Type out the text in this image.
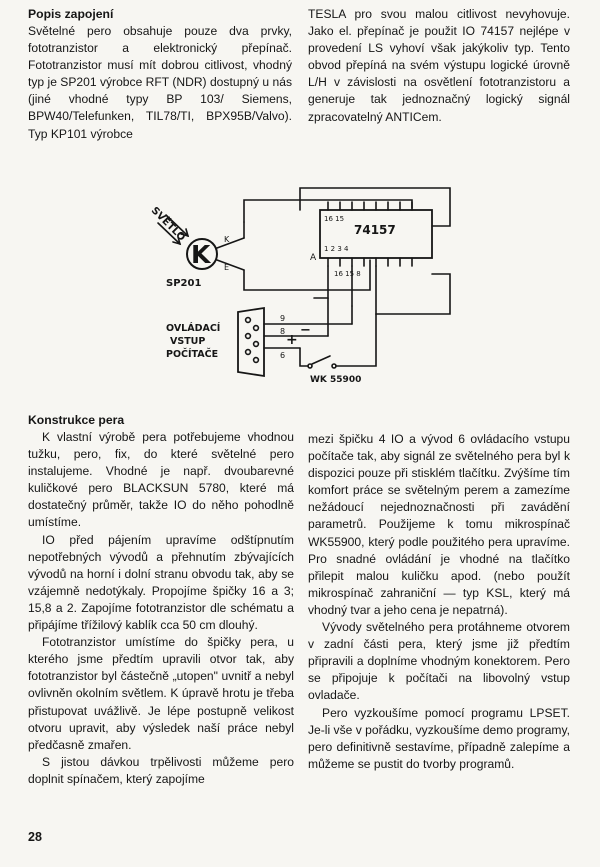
Popis zapojení

Světelné pero obsahuje pouze dva prvky, fototranzistor a elektronický přepínač. Fototranzistor musí mít dobrou citlivost, vhodný typ je SP201 výrobce RFT (NDR) dostupný u nás (jiné vhodné typy BP 103/ Siemens, BPW40/Telefunken, TIL78/TI, BPX95B/Valvo). Typ KP101 výrobce

TESLA pro svou malou citlivost nevyhovuje. Jako el. přepínač je použit IO 74157 nejlépe v provedení LS vyhoví však jakýkoliv typ. Tento obvod přepíná na svém výstupu logické úrovně L/H v závislosti na osvětlení fototranzistoru a generuje tak jednoznačný logický signál zpracovatelný ANTICem.

SVĚTLO
K
K
E
SP201
16 15
74157
1 2 3 4
A
16 15 8
OVLÁDACÍ
VSTUP
POČÍTAČE
9
8 −
+
6
WK 55900
Konstrukce pera

K vlastní výrobě pera potřebujeme vhodnou tužku, pero, fix, do které světelné pero instalujeme. Vhodné je např. dvoubarevné kuličkové pero BLACKSUN 5780, které má dostatečný průměr, takže IO do něho pohodlně umístíme.

IO před pájením upravíme odštípnutím nepotřebných vývodů a přehnutím zbývajících vývodů na horní i dolní stranu obvodu tak, aby se vzájemně nedotýkaly. Propojíme špičky 16 a 3; 15,8 a 2. Zapojíme fototranzistor dle schématu a připájíme třížilový kablík cca 50 cm dlouhý.

Fototranzistor umístíme do špičky pera, u kterého jsme předtím upravili otvor tak, aby fototranzistor byl částečně „utopen" uvnitř a nebyl ovlivněn okolním světlem. K úpravě hrotu je třeba přistupovat uvážlivě. Je lépe postupně velikost otvoru upravit, aby výsledek naší práce nebyl předčasně zmařen.

S jistou dávkou trpělivosti můžeme pero doplnit spínačem, který zapojíme

mezi špičku 4 IO a vývod 6 ovládacího vstupu počítače tak, aby signál ze světelného pera byl k dispozici pouze při stisklém tlačítku. Zvýšíme tím komfort práce se světelným perem a zamezíme nežádoucí nejednoznačnosti při zavádění parametrů. Použijeme k tomu mikrospínač WK55900, který podle použitého pera upravíme. Pro snadné ovládání je vhodné na tlačítko přilepit malou kuličku apod. (nebo použít mikrospínač zahraniční — typ KSL, který má vhodný tvar a jeho cena je nepatrná).

Vývody světelného pera protáhneme otvorem v zadní části pera, který jsme již předtím připravili a doplníme vhodným konektorem. Pero se připojuje k počítači na libovolný vstup ovladače.

Pero vyzkoušíme pomocí programu LPSET. Je-li vše v pořádku, vyzkoušíme demo programy, pero definitivně sestavíme, případně zalepíme a můžeme se pustit do tvorby programů.

28
